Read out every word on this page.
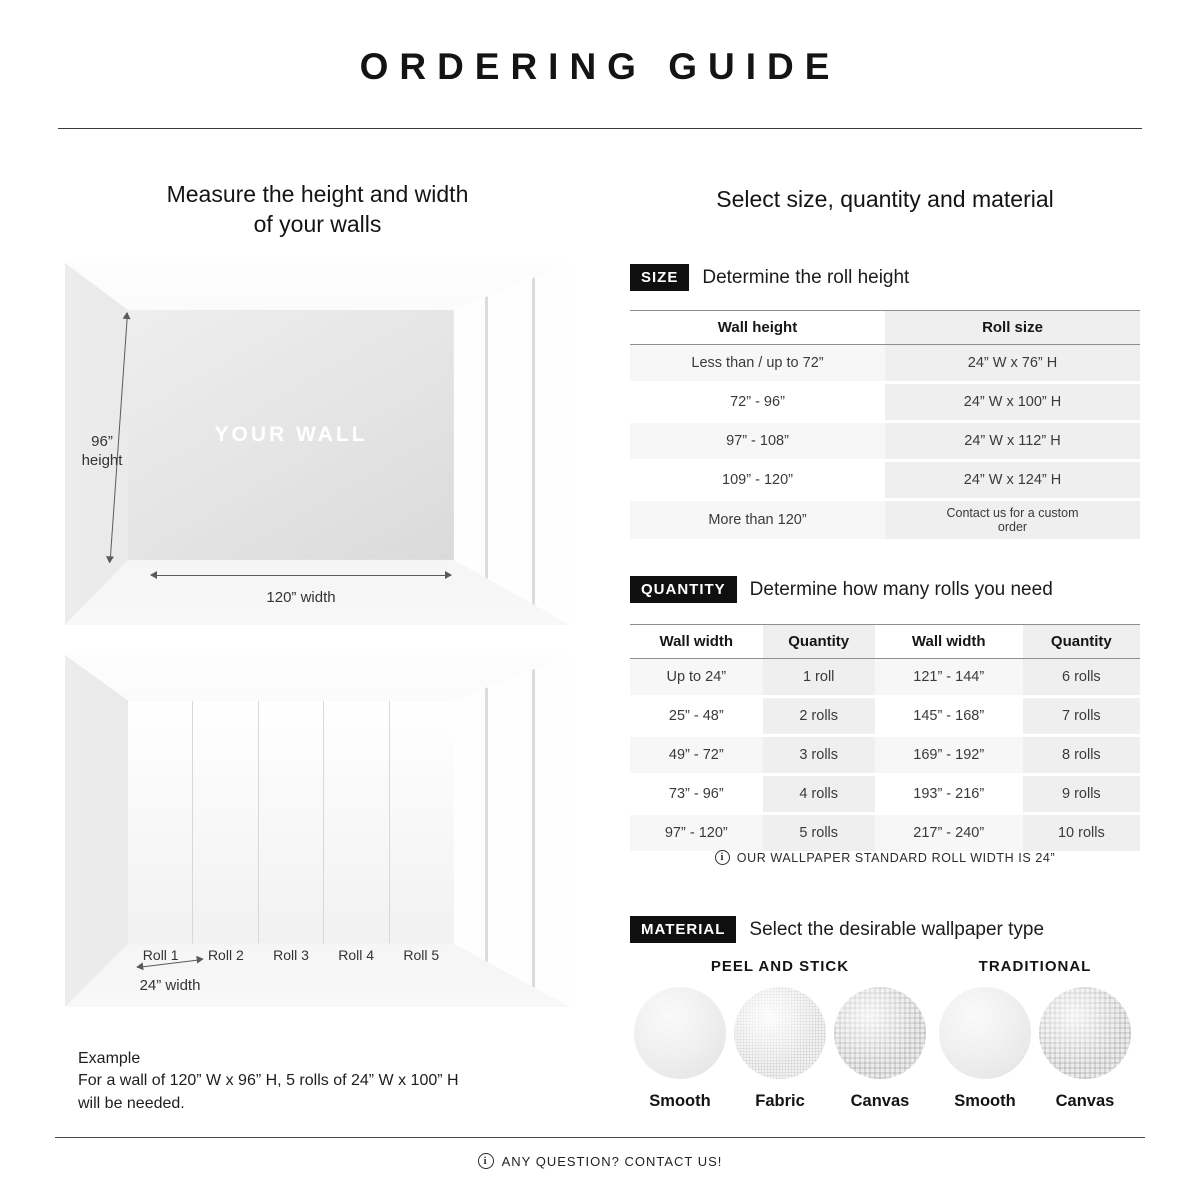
ORDERING GUIDE
Measure the height and width
of your walls
YOUR WALL
96”
height
120” width
Roll 1	Roll 2	Roll 3	Roll 4	Roll 5
24” width
Example
For a wall of 120” W x 96” H, 5 rolls of 24” W x 100” H
will be needed.
Select size, quantity and material
SIZE	Determine the roll height
Wall height	Roll size
Less than / up to 72”	24” W x 76” H
72” - 96”	24” W x 100” H
97” - 108”	24” W x 112” H
109” - 120”	24” W x 124” H
More than 120”	Contact us for a custom order
QUANTITY	Determine how many rolls you need
Wall width	Quantity	Wall width	Quantity
Up to 24”	1 roll	121” - 144”	6 rolls
25” - 48”	2 rolls	145” - 168”	7 rolls
49” - 72”	3 rolls	169” - 192”	8 rolls
73” - 96”	4 rolls	193” - 216”	9 rolls
97” - 120”	5 rolls	217” - 240”	10 rolls
i	OUR WALLPAPER STANDARD ROLL WIDTH IS 24”
MATERIAL	Select the desirable wallpaper type
PEEL AND STICK
Smooth	Fabric	Canvas
TRADITIONAL
Smooth	Canvas
i	ANY QUESTION? CONTACT US!
